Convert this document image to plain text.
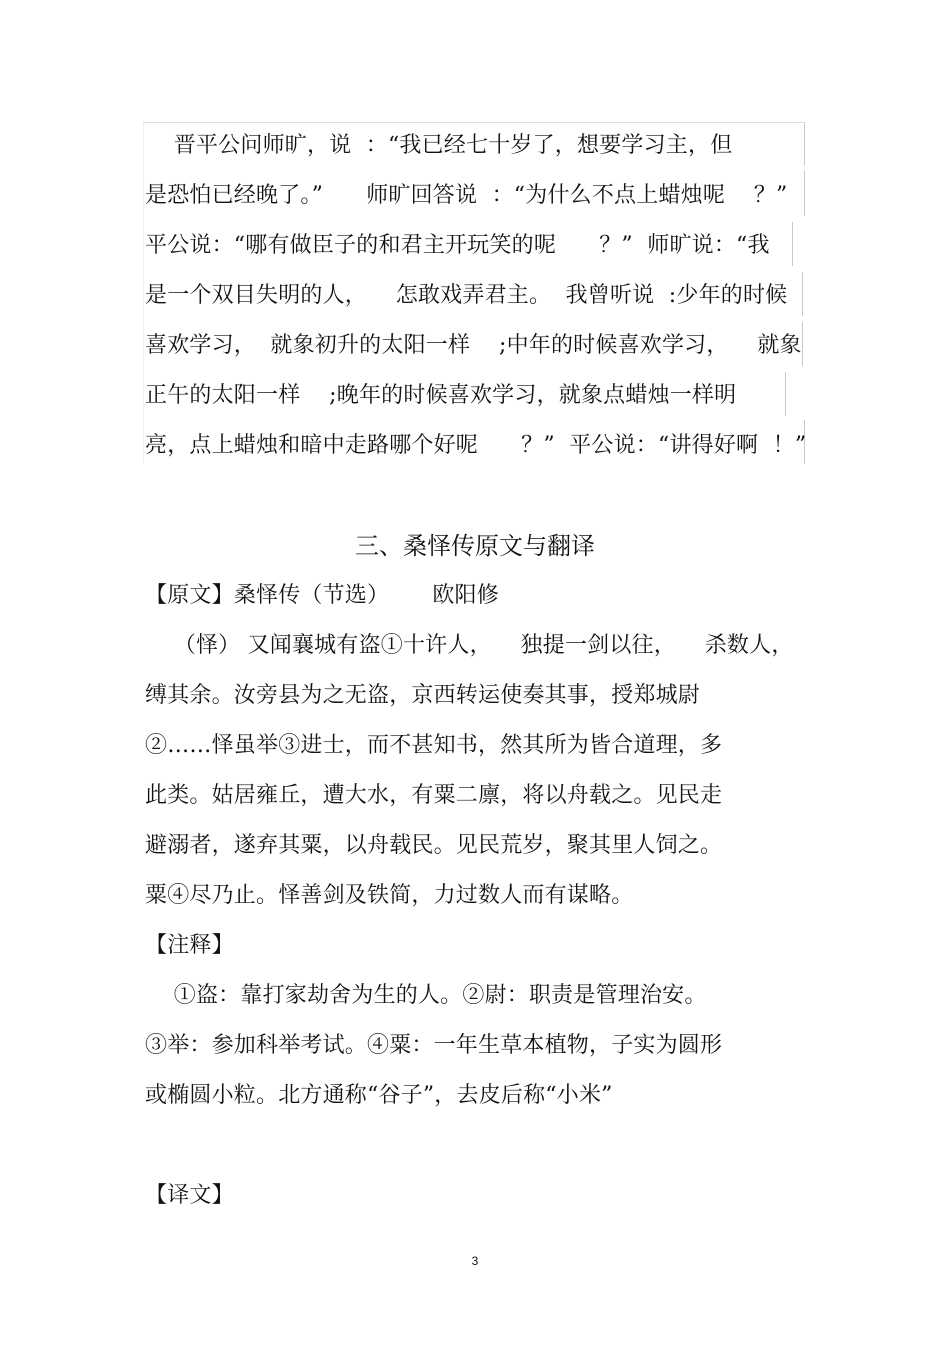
晋平公问师旷，说  ：“我已经七十岁了，想要学习主，但
是恐怕已经晚了。”      师旷回答说  ：“为什么不点上蜡烛呢    ？”
平公说：“哪有做臣子的和君主开玩笑的呢      ？”  师旷说：“我
是一个双目失明的人，    怎敢戏弄君主。  我曾听说  :少年的时候
喜欢学习，  就象初升的太阳一样    ;中年的时候喜欢学习，    就象
正午的太阳一样    ;晚年的时候喜欢学习，就象点蜡烛一样明
亮，点上蜡烛和暗中走路哪个好呢      ？”  平公说：“讲得好啊  ！”
三、桑怿传原文与翻译
【原文】桑怿传（节选）      欧阳修
（怿） 又闻襄城有盗①十许人，    独提一剑以往，    杀数人，
缚其余。汝旁县为之无盗，京西转运使奏其事，授郑城尉
②……怿虽举③进士，而不甚知书，然其所为皆合道理，多
此类。姑居雍丘，遭大水，有粟二廪，将以舟载之。见民走
避溺者，遂弃其粟，以舟载民。见民荒岁，聚其里人饲之。
粟④尽乃止。怿善剑及铁简，力过数人而有谋略。
【注释】
①盗：靠打家劫舍为生的人。②尉：职责是管理治安。
③举：参加科举考试。④粟：一年生草本植物，子实为圆形
或椭圆小粒。北方通称“谷子”，去皮后称“小米”
【译文】
3
